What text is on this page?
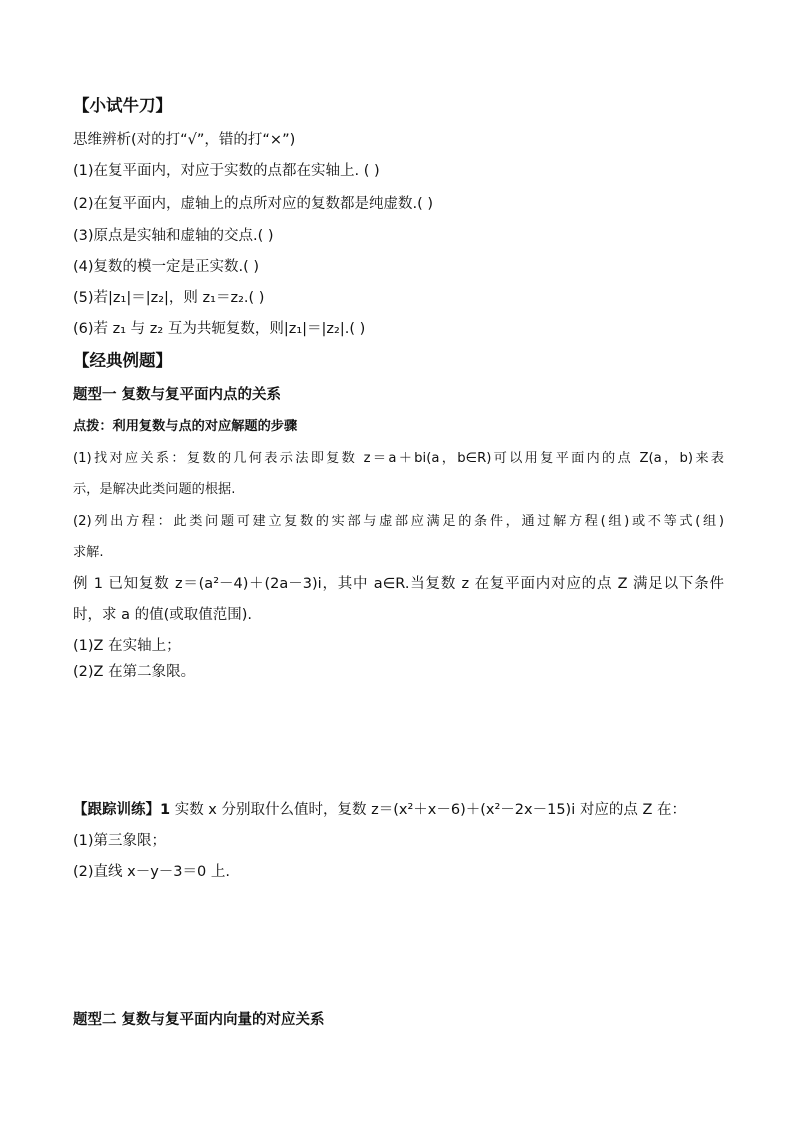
【小试牛刀】
思维辨析(对的打“√”，错的打“×”)
(1)在复平面内，对应于实数的点都在实轴上. ( )
(2)在复平面内，虚轴上的点所对应的复数都是纯虚数.( )
(3)原点是实轴和虚轴的交点.( )
(4)复数的模一定是正实数.( )
(5)若|z₁|＝|z₂|，则 z₁＝z₂.( )
(6)若 z₁ 与 z₂ 互为共轭复数，则|z₁|＝|z₂|.( )
【经典例题】
题型一 复数与复平面内点的关系
点拨：利用复数与点的对应解题的步骤
(1)找对应关系：复数的几何表示法即复数 z＝a＋bi(a，b∈R)可以用复平面内的点 Z(a，b)来表
示，是解决此类问题的根据.
(2)列出方程：此类问题可建立复数的实部与虚部应满足的条件，通过解方程(组)或不等式(组)
求解.
例 1 已知复数 z＝(a²－4)＋(2a－3)i，其中 a∈R.当复数 z 在复平面内对应的点 Z 满足以下条件
时，求 a 的值(或取值范围).
(1)Z 在实轴上；
(2)Z 在第二象限。
【跟踪训练】1 实数 x 分别取什么值时，复数 z＝(x²＋x－6)＋(x²－2x－15)i 对应的点 Z 在：
(1)第三象限；
(2)直线 x－y－3＝0 上.
题型二 复数与复平面内向量的对应关系
